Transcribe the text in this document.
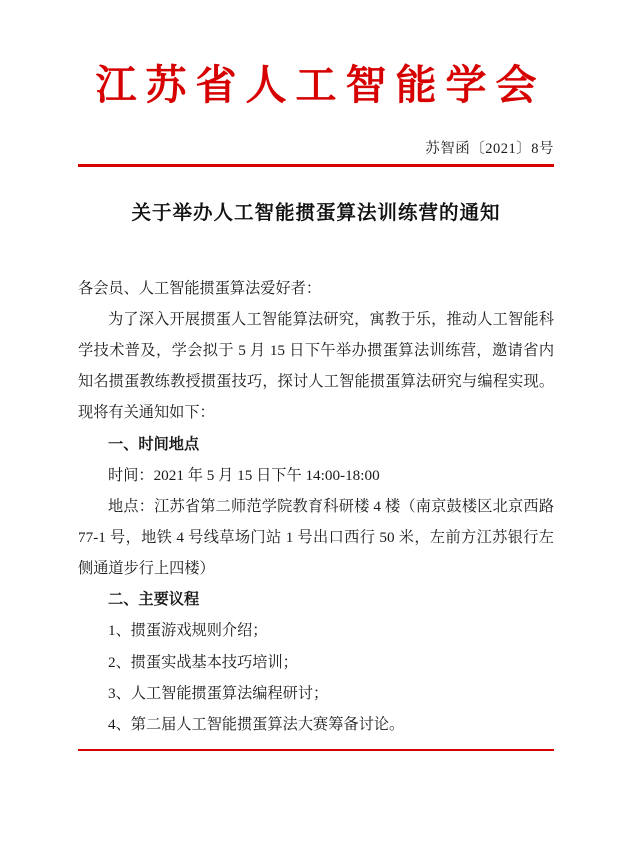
江苏省人工智能学会
苏智函〔2021〕8号
关于举办人工智能掼蛋算法训练营的通知

各会员、人工智能掼蛋算法爱好者：

为了深入开展掼蛋人工智能算法研究，寓教于乐，推动人工智能科学技术普及，学会拟于 5 月 15 日下午举办掼蛋算法训练营，邀请省内知名掼蛋教练教授掼蛋技巧，探讨人工智能掼蛋算法研究与编程实现。现将有关通知如下：

一、时间地点

时间：2021 年 5 月 15 日下午 14:00-18:00

地点：江苏省第二师范学院教育科研楼 4 楼（南京鼓楼区北京西路 77-1 号，地铁 4 号线草场门站 1 号出口西行 50 米，左前方江苏银行左侧通道步行上四楼）

二、主要议程

1、掼蛋游戏规则介绍；

2、掼蛋实战基本技巧培训；

3、人工智能掼蛋算法编程研讨；

4、第二届人工智能掼蛋算法大赛筹备讨论。
